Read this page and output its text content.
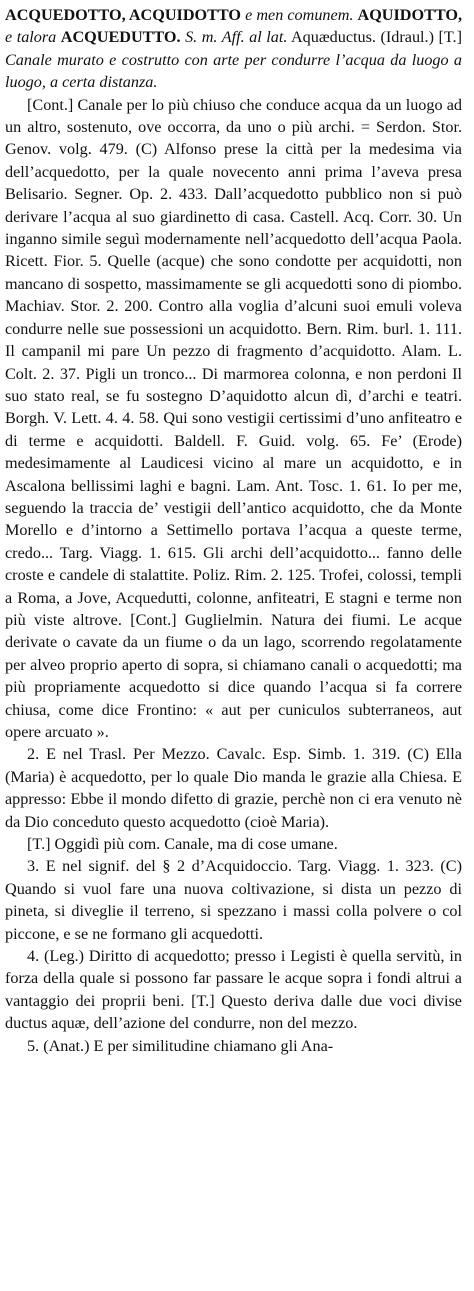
ACQUEDOTTO, ACQUIDOTTO e men comunem. AQUIDOTTO, e talora ACQUEDUTTO. S. m. Aff. al lat. Aquæductus. (Idraul.) [T.] Canale murato e costrutto con arte per condurre l’acqua da luogo a luogo, a certa distanza.

[Cont.] Canale per lo più chiuso che conduce acqua da un luogo ad un altro, sostenuto, ove occorra, da uno o più archi. = Serdon. Stor. Genov. volg. 479. (C) Alfonso prese la città per la medesima via dell’acquedotto, per la quale novecento anni prima l’aveva presa Belisario. Segner. Op. 2. 433. Dall’acquedotto pubblico non si può derivare l’acqua al suo giardinetto di casa. Castell. Acq. Corr. 30. Un inganno simile seguì modernamente nell’acquedotto dell’acqua Paola. Ricett. Fior. 5. Quelle (acque) che sono condotte per acquidotti, non mancano di sospetto, massimamente se gli acquedotti sono di piombo. Machiav. Stor. 2. 200. Contro alla voglia d’alcuni suoi emuli voleva condurre nelle sue possessioni un acquidotto. Bern. Rim. burl. 1. 111. Il campanil mi pare Un pezzo di fragmento d’acquidotto. Alam. L. Colt. 2. 37. Pigli un tronco... Di marmorea colonna, e non perdoni Il suo stato real, se fu sostegno D’aquidotto alcun dì, d’archi e teatri. Borgh. V. Lett. 4. 4. 58. Qui sono vestigii certissimi d’uno anfiteatro e di terme e acquidotti. Baldell. F. Guid. volg. 65. Fe’ (Erode) medesimamente al Laudicesi vicino al mare un acquidotto, e in Ascalona bellissimi laghi e bagni. Lam. Ant. Tosc. 1. 61. Io per me, seguendo la traccia de’ vestigii dell’antico acquidotto, che da Monte Morello e d’intorno a Settimello portava l’acqua a queste terme, credo... Targ. Viagg. 1. 615. Gli archi dell’acquidotto... fanno delle croste e candele di stalattite. Poliz. Rim. 2. 125. Trofei, colossi, templi a Roma, a Jove, Acquedutti, colonne, anfiteatri, E stagni e terme non più viste altrove. [Cont.] Guglielmin. Natura dei fiumi. Le acque derivate o cavate da un fiume o da un lago, scorrendo regolatamente per alveo proprio aperto di sopra, si chiamano canali o acquedotti; ma più propriamente acquedotto si dice quando l’acqua si fa correre chiusa, come dice Frontino: « aut per cuniculos subterraneos, aut opere arcuato ».

2. E nel Trasl. Per Mezzo. Cavalc. Esp. Simb. 1. 319. (C) Ella (Maria) è acquedotto, per lo quale Dio manda le grazie alla Chiesa. E appresso: Ebbe il mondo difetto di grazie, perchè non ci era venuto nè da Dio conceduto questo acquedotto (cioè Maria).

[T.] Oggidì più com. Canale, ma di cose umane.

3. E nel signif. del § 2 d’Acquidoccio. Targ. Viagg. 1. 323. (C) Quando si vuol fare una nuova coltivazione, si dista un pezzo di pineta, si diveglie il terreno, si spezzano i massi colla polvere o col piccone, e se ne formano gli acquedotti.

4. (Leg.) Diritto di acquedotto; presso i Legisti è quella servitù, in forza della quale si possono far passare le acque sopra i fondi altrui a vantaggio dei proprii beni. [T.] Questo deriva dalle due voci divise ductus aquæ, dell’azione del condurre, non del mezzo.

5. (Anat.) E per similitudine chiamano gli Ana-
